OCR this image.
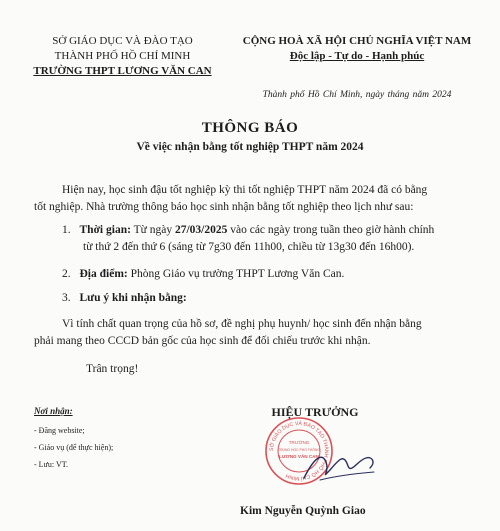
SỞ GIÁO DỤC VÀ ĐÀO TẠO
THÀNH PHỐ HỒ CHÍ MINH
TRƯỜNG THPT LƯƠNG VĂN CAN
CỘNG HOÀ XÃ HỘI CHỦ NGHĨA VIỆT NAM
Độc lập - Tự do - Hạnh phúc
Thành phố Hồ Chí Minh, ngày tháng năm 2024
THÔNG BÁO
Về việc nhận bằng tốt nghiệp THPT năm 2024
Hiện nay, học sinh đậu tốt nghiệp kỳ thi tốt nghiệp THPT năm 2024 đã có bằng
tốt nghiệp. Nhà trường thông báo học sinh nhận bằng tốt nghiệp theo lịch như sau:
1. Thời gian: Từ ngày 27/03/2025 vào các ngày trong tuần theo giờ hành chính
từ thứ 2 đến thứ 6 (sáng từ 7g30 đến 11h00, chiều từ 13g30 đến 16h00).
2. Địa điểm: Phòng Giáo vụ trường THPT Lương Văn Can.
3. Lưu ý khi nhận bằng:
Vì tính chất quan trọng của hồ sơ, đề nghị phụ huynh/ học sinh đến nhận bằng
phải mang theo CCCD bản gốc của học sinh để đối chiếu trước khi nhận.
Trân trọng!
Nơi nhận:
- Đăng website;
- Giáo vụ (để thực hiện);
- Lưu: VT.
HIỆU TRƯỞNG
SỞ GIÁO DỤC VÀ ĐÀO TẠO THÀNH PHỐ HỒ CHÍ MINH
TRƯỜNG
TRUNG HỌC PHỔ THÔNG
LƯƠNG VĂN CAN
Kim Nguyễn Quỳnh Giao
